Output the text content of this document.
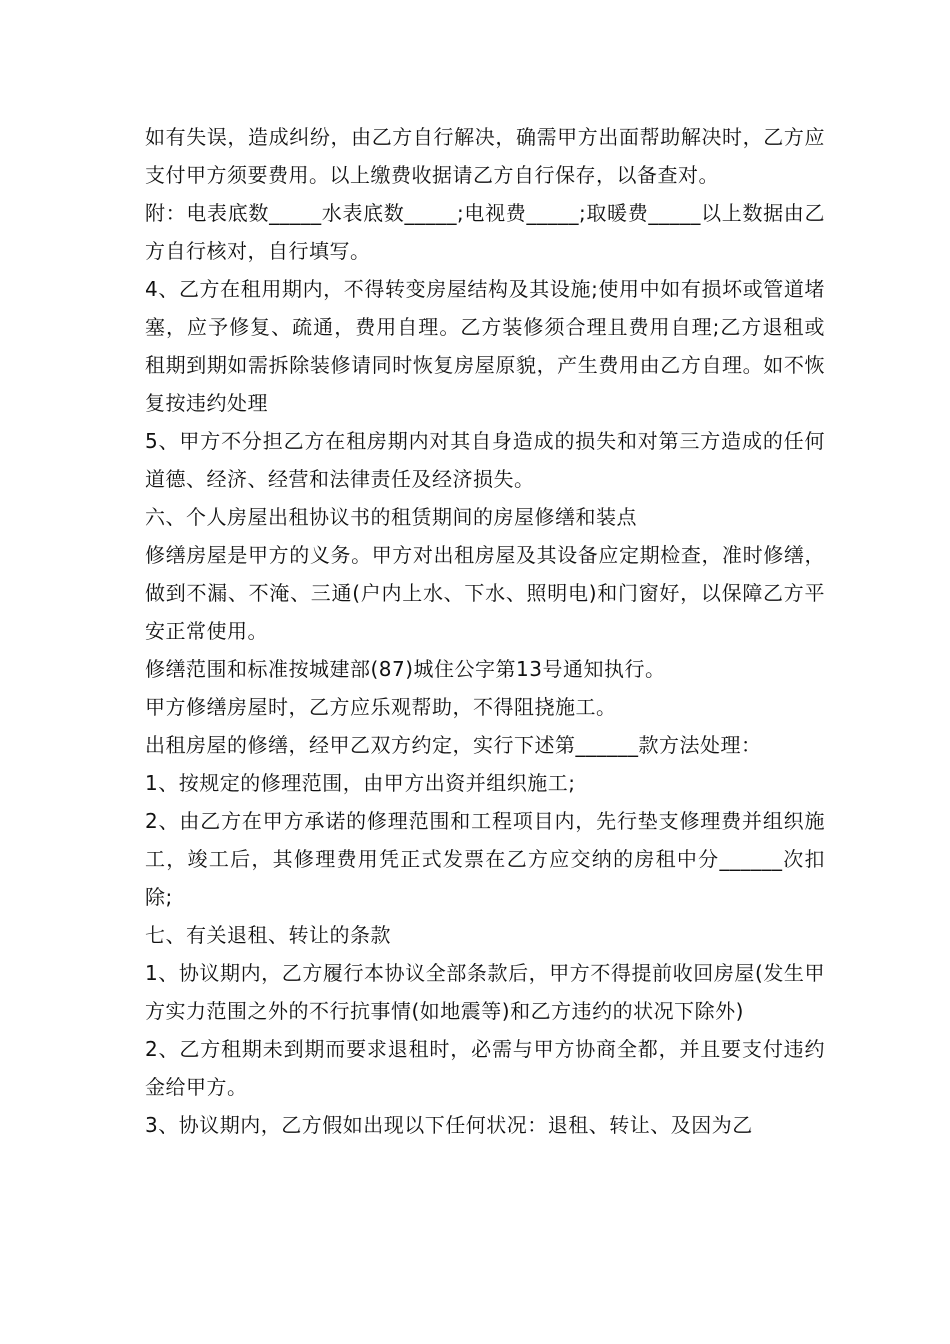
如有失误，造成纠纷，由乙方自行解决，确需甲方出面帮助解决时，乙方应支付甲方须要费用。以上缴费收据请乙方自行保存，以备查对。

附：电表底数_____水表底数_____;电视费_____;取暖费_____以上数据由乙方自行核对，自行填写。

4、乙方在租用期内，不得转变房屋结构及其设施;使用中如有损坏或管道堵塞，应予修复、疏通，费用自理。乙方装修须合理且费用自理;乙方退租或租期到期如需拆除装修请同时恢复房屋原貌，产生费用由乙方自理。如不恢复按违约处理

5、甲方不分担乙方在租房期内对其自身造成的损失和对第三方造成的任何道德、经济、经营和法律责任及经济损失。

六、个人房屋出租协议书的租赁期间的房屋修缮和装点

修缮房屋是甲方的义务。甲方对出租房屋及其设备应定期检查，准时修缮，做到不漏、不淹、三通(户内上水、下水、照明电)和门窗好，以保障乙方平安正常使用。

修缮范围和标准按城建部(87)城住公字第13号通知执行。

甲方修缮房屋时，乙方应乐观帮助，不得阻挠施工。

出租房屋的修缮，经甲乙双方约定，实行下述第______款方法处理：

1、按规定的修理范围，由甲方出资并组织施工;

2、由乙方在甲方承诺的修理范围和工程项目内，先行垫支修理费并组织施工，竣工后，其修理费用凭正式发票在乙方应交纳的房租中分______次扣除;

七、有关退租、转让的条款

1、协议期内，乙方履行本协议全部条款后，甲方不得提前收回房屋(发生甲方实力范围之外的不行抗事情(如地震等)和乙方违约的状况下除外)

2、乙方租期未到期而要求退租时，必需与甲方协商全都，并且要支付违约金给甲方。

3、协议期内，乙方假如出现以下任何状况：退租、转让、及因为乙
